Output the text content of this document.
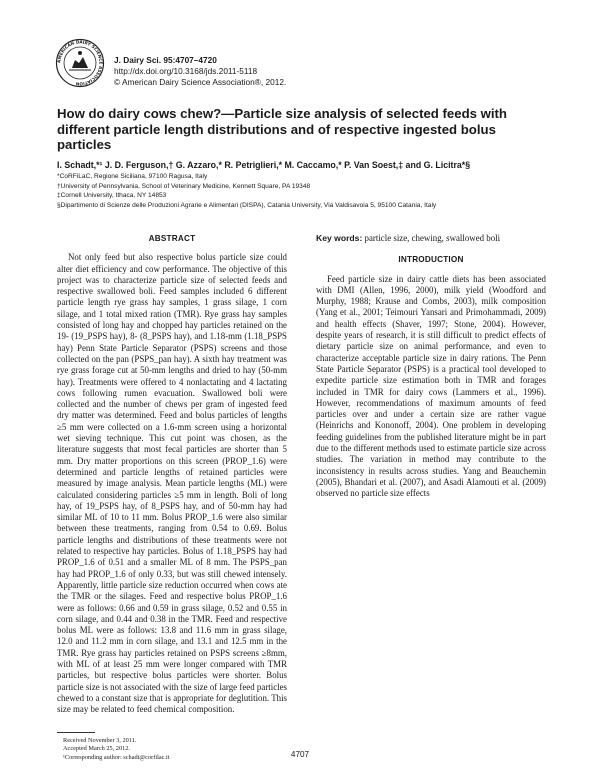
AMERICAN DAIRY SCIENCE ASSOCIATION
J. Dairy Sci. 95:4707–4720
http://dx.doi.org/10.3168/jds.2011-5118
© American Dairy Science Association®, 2012.
How do dairy cows chew?—Particle size analysis of selected feeds with different particle length distributions and of respective ingested bolus particles
I. Schadt,*¹ J. D. Ferguson,† G. Azzaro,* R. Petriglieri,* M. Caccamo,* P. Van Soest,‡ and G. Licitra*§
*CoRFiLaC, Regione Siciliana, 97100 Ragusa, Italy
†University of Pennsylvania, School of Veterinary Medicine, Kennett Square, PA 19348
‡Cornell University, Ithaca, NY 14853
§Dipartimento di Scienze delle Produzioni Agrarie e Alimentari (DISPA), Catania University, Via Valdisavoia 5, 95100 Catania, Italy
ABSTRACT

Not only feed but also respective bolus particle size could alter diet efficiency and cow performance. The objective of this project was to characterize particle size of selected feeds and respective swallowed boli. Feed samples included 6 different particle length rye grass hay samples, 1 grass silage, 1 corn silage, and 1 total mixed ration (TMR). Rye grass hay samples consisted of long hay and chopped hay particles retained on the 19- (19_PSPS hay), 8- (8_PSPS hay), and 1.18-mm (1.18_PSPS hay) Penn State Particle Separator (PSPS) screens and those collected on the pan (PSPS_pan hay). A sixth hay treatment was rye grass forage cut at 50-mm lengths and dried to hay (50-mm hay). Treatments were offered to 4 nonlactating and 4 lactating cows following rumen evacuation. Swallowed boli were collected and the number of chews per gram of ingested feed dry matter was determined. Feed and bolus particles of lengths ≥5 mm were collected on a 1.6-mm screen using a horizontal wet sieving technique. This cut point was chosen, as the literature suggests that most fecal particles are shorter than 5 mm. Dry matter proportions on this screen (PROP_1.6) were determined and particle lengths of retained particles were measured by image analysis. Mean particle lengths (ML) were calculated considering particles ≥5 mm in length. Boli of long hay, of 19_PSPS hay, of 8_PSPS hay, and of 50-mm hay had similar ML of 10 to 11 mm. Bolus PROP_1.6 were also similar between these treatments, ranging from 0.54 to 0.69. Bolus particle lengths and distributions of these treatments were not related to respective hay particles. Bolus of 1.18_PSPS hay had PROP_1.6 of 0.51 and a smaller ML of 8 mm. The PSPS_pan hay had PROP_1.6 of only 0.33, but was still chewed intensely. Apparently, little particle size reduction occurred when cows ate the TMR or the silages. Feed and respective bolus PROP_1.6 were as follows: 0.66 and 0.59 in grass silage, 0.52 and 0.55 in corn silage, and 0.44 and 0.38 in the TMR. Feed and respective bolus ML were as follows: 13.8 and 11.6 mm in grass silage, 12.0 and 11.2 mm in corn silage, and 13.1 and 12.5 mm in the TMR. Rye grass hay particles retained on PSPS screens ≥8mm, with ML of at least 25 mm were longer compared with TMR particles, but respective bolus particles were shorter. Bolus particle size is not associated with the size of large feed particles chewed to a constant size that is appropriate for deglutition. This size may be related to feed chemical composition.

Key words: particle size, chewing, swallowed boli

INTRODUCTION

Feed particle size in dairy cattle diets has been associated with DMI (Allen, 1996, 2000), milk yield (Woodford and Murphy, 1988; Krause and Combs, 2003), milk composition (Yang et al., 2001; Teimouri Yansari and Primohammadi, 2009) and health effects (Shaver, 1997; Stone, 2004). However, despite years of research, it is still difficult to predict effects of dietary particle size on animal performance, and even to characterize acceptable particle size in dairy rations. The Penn State Particle Separator (PSPS) is a practical tool developed to expedite particle size estimation both in TMR and forages included in TMR for dairy cows (Lammers et al., 1996). However, recommendations of maximum amounts of feed particles over and under a certain size are rather vague (Heinrichs and Kononoff, 2004). One problem in developing feeding guidelines from the published literature might be in part due to the different methods used to estimate particle size across studies. The variation in method may contribute to the inconsistency in results across studies. Yang and Beauchemin (2005), Bhandari et al. (2007), and Asadi Alamouti et al. (2009) observed no particle size effects

Received November 3, 2011.
Accepted March 25, 2012.
¹Corresponding author: schadt@corfilac.it	4707
